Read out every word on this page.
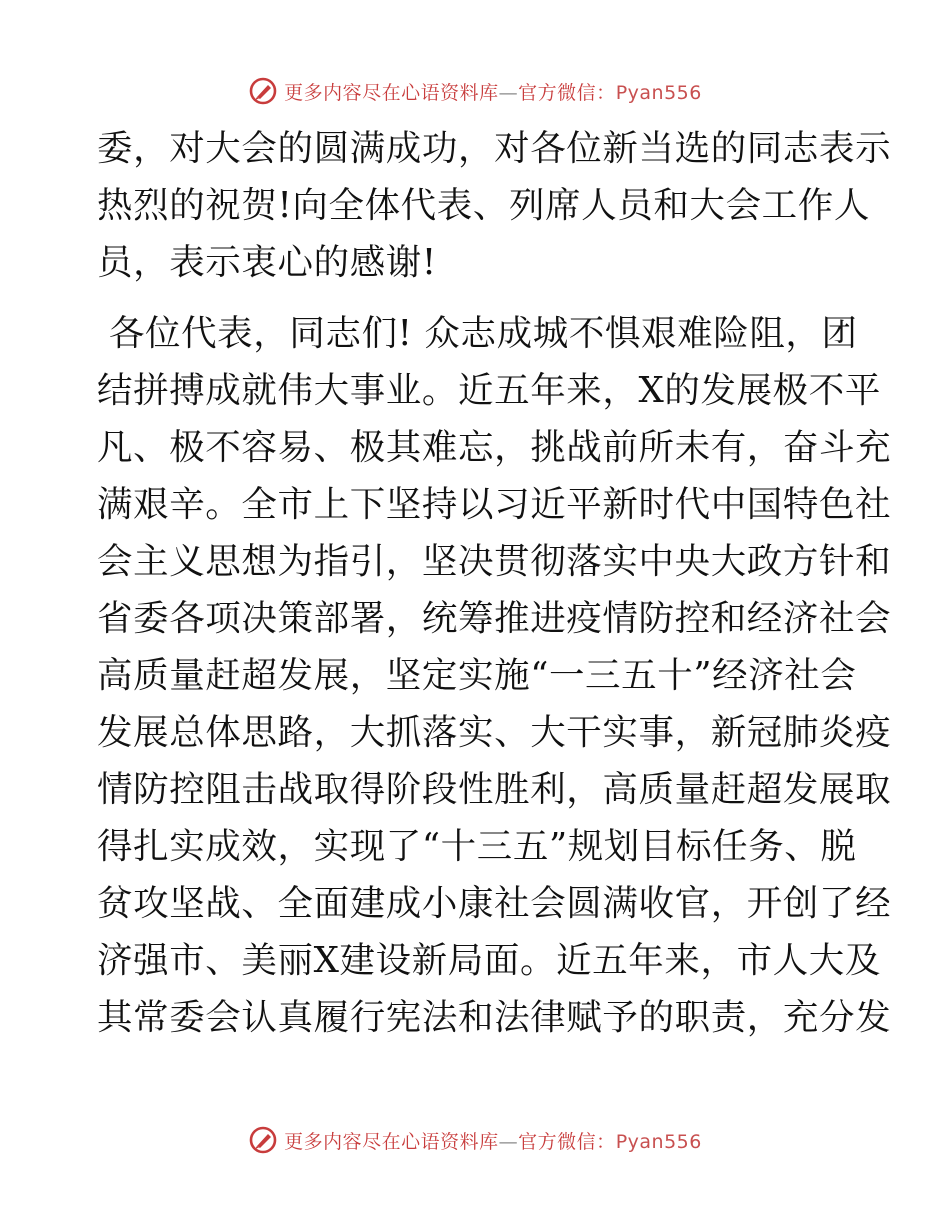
更多内容尽在心语资料库—官方微信：Pyan556
委，对大会的圆满成功，对各位新当选的同志表示
热烈的祝贺!向全体代表、列席人员和大会工作人
员，表示衷心的感谢!
各位代表，同志们! 众志成城不惧艰难险阻，团
结拼搏成就伟大事业。近五年来，X的发展极不平
凡、极不容易、极其难忘，挑战前所未有，奋斗充
满艰辛。全市上下坚持以习近平新时代中国特色社
会主义思想为指引，坚决贯彻落实中央大政方针和
省委各项决策部署，统筹推进疫情防控和经济社会
高质量赶超发展，坚定实施“一三五十”经济社会
发展总体思路，大抓落实、大干实事，新冠肺炎疫
情防控阻击战取得阶段性胜利，高质量赶超发展取
得扎实成效，实现了“十三五”规划目标任务、脱
贫攻坚战、全面建成小康社会圆满收官，开创了经
济强市、美丽X建设新局面。近五年来，市人大及
其常委会认真履行宪法和法律赋予的职责，充分发
更多内容尽在心语资料库—官方微信：Pyan556
